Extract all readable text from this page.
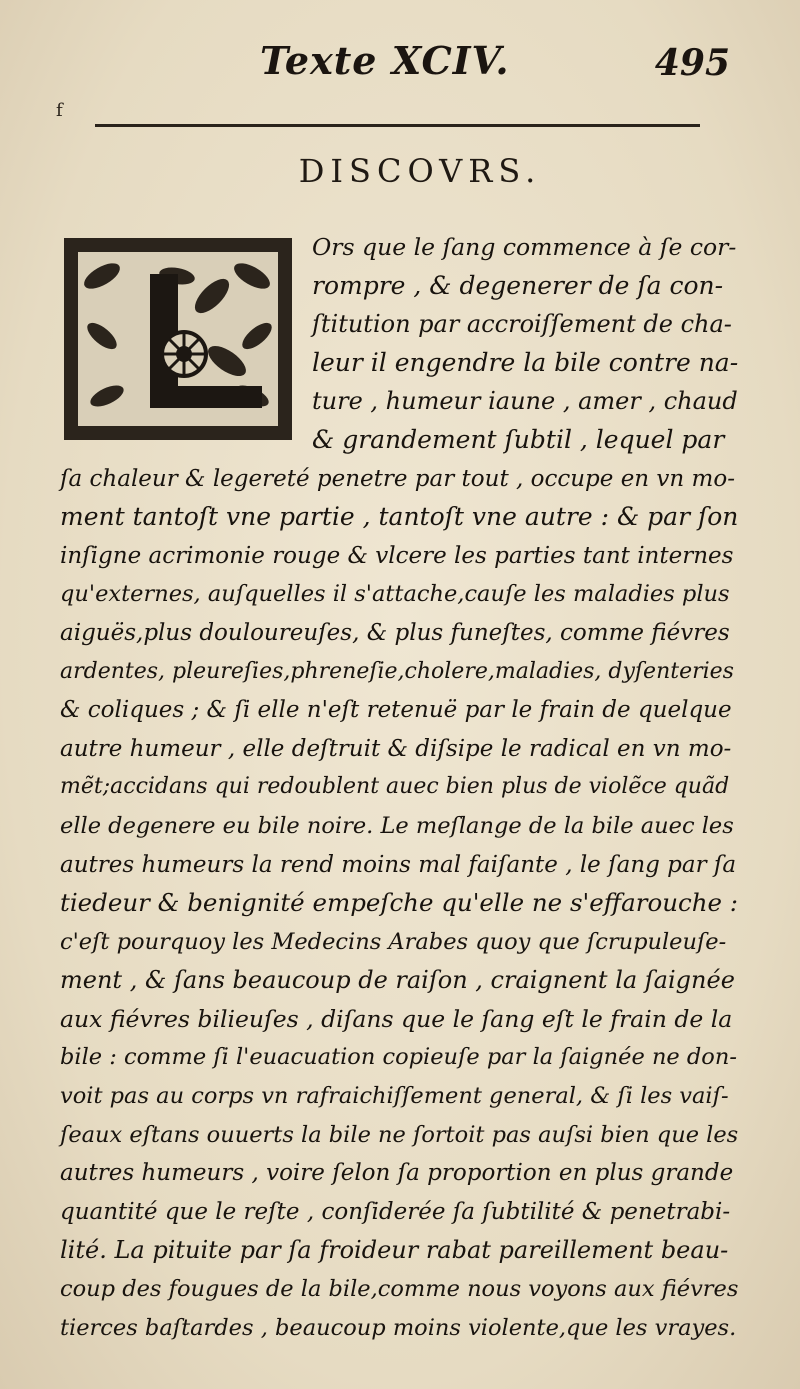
Texte XCIV.	495
f
DISCOVRS.
Ors que le ſang commence à ſe cor-
rompre , & degenerer de ſa con-
ſtitution par accroiſſement de cha-
leur il engendre la bile contre na-
ture , humeur iaune , amer , chaud
& grandement ſubtil , lequel par
ſa chaleur & legereté penetre par tout , occupe en vn mo-
ment tantoſt vne partie , tantoſt vne autre : & par ſon
inſigne acrimonie rouge & vlcere les parties tant internes
qu'externes, auſquelles il s'attache,cauſe les maladies plus
aiguës,plus douloureuſes, & plus funeſtes, comme fiévres
ardentes, pleureſies,phreneſie,cholere,maladies, dyſenteries
& coliques ; & ſi elle n'eſt retenuë par le frain de quelque
autre humeur , elle deſtruit & diſsipe le radical en vn mo-
mẽt;accidans qui redoublent auec bien plus de violẽce quãd
elle degenere eu bile noire. Le meſlange de la bile auec les
autres humeurs la rend moins mal faiſante , le ſang par ſa
tiedeur & benignité empeſche qu'elle ne s'effarouche :
c'eſt pourquoy les Medecins Arabes quoy que ſcrupuleuſe-
ment , & ſans beaucoup de raiſon , craignent la ſaignée
aux fiévres bilieuſes , diſans que le ſang eſt le frain de la
bile : comme ſi l'euacuation copieuſe par la ſaignée ne don-
voit pas au corps vn rafraichiſſement general, & ſi les vaiſ-
ſeaux eſtans ouuerts la bile ne ſortoit pas auſsi bien que les
autres humeurs , voire ſelon ſa proportion en plus grande
quantité que le reſte , conſiderée ſa ſubtilité & penetrabi-
lité. La pituite par ſa froideur rabat pareillement beau-
coup des fougues de la bile,comme nous voyons aux fiévres
tierces baſtardes , beaucoup moins violente,que les vrayes.
